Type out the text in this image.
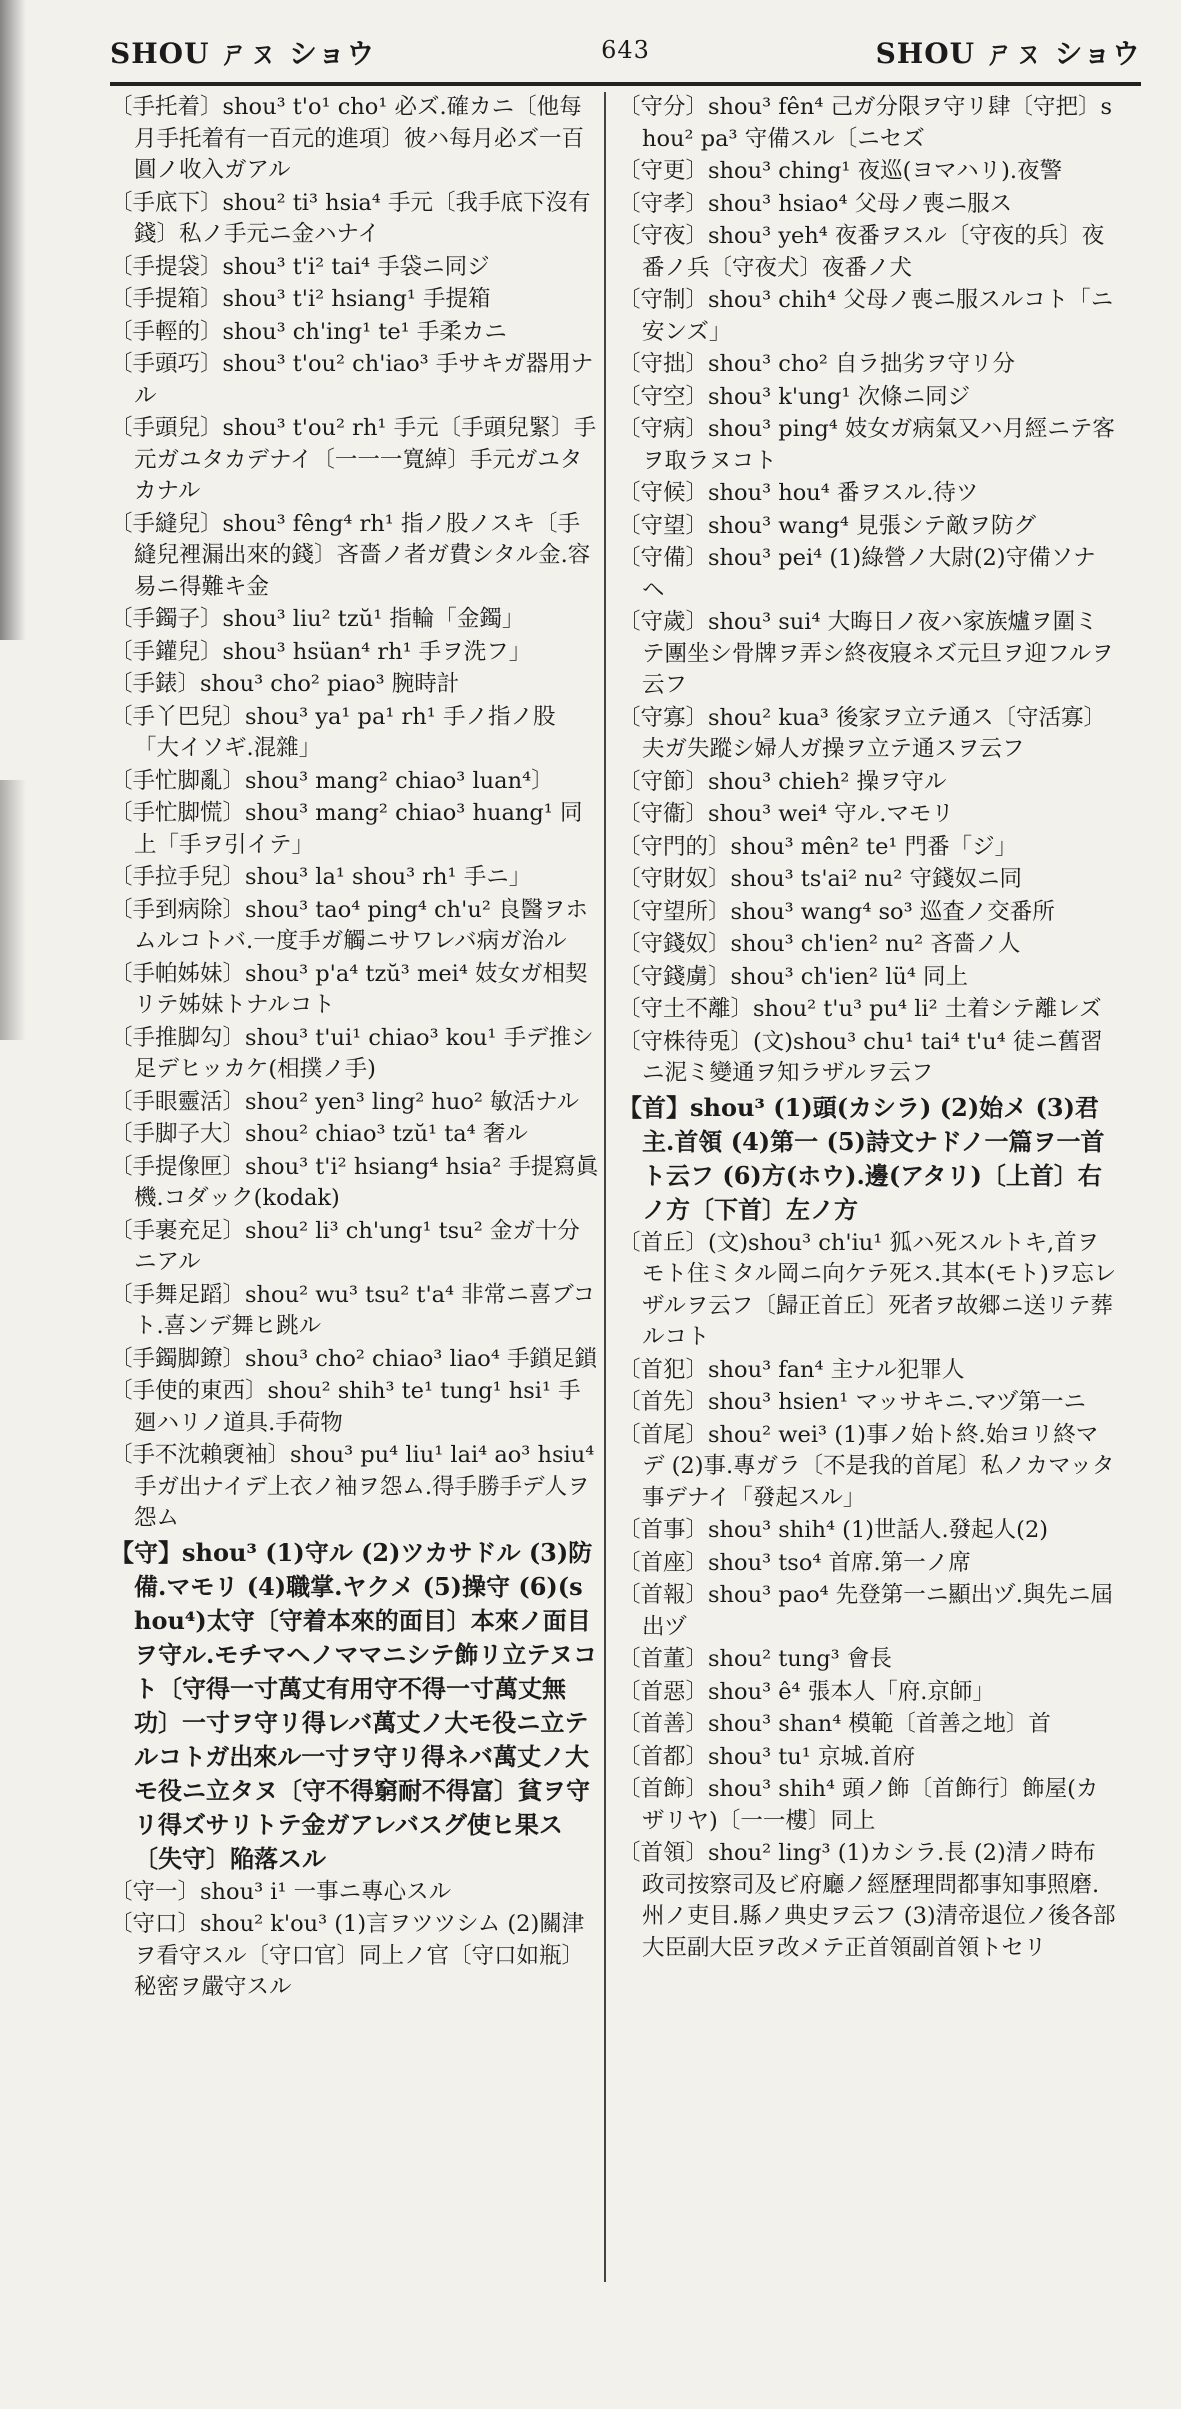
SHOU ㄕㄡ ショウ	643	SHOU ㄕㄡ ショウ

〔手托着〕shou³ t'o¹ cho¹ 必ズ.確カニ〔他每月手托着有一百元的進項〕彼ハ每月必ズ一百圓ノ收入ガアル

〔手底下〕shou² ti³ hsia⁴ 手元〔我手底下沒有錢〕私ノ手元ニ金ハナイ

〔手提袋〕shou³ t'i² tai⁴ 手袋ニ同ジ

〔手提箱〕shou³ t'i² hsiang¹ 手提箱

〔手輕的〕shou³ ch'ing¹ te¹ 手柔カニ

〔手頭巧〕shou³ t'ou² ch'iao³ 手サキガ器用ナル

〔手頭兒〕shou³ t'ou² rh¹ 手元〔手頭兒緊〕手元ガユタカデナイ〔一一一寬綽〕手元ガユタカナル

〔手縫兒〕shou³ fêng⁴ rh¹ 指ノ股ノスキ〔手縫兒裡漏出來的錢〕吝嗇ノ者ガ費シタル金.容易ニ得難キ金

〔手鐲子〕shou³ liu² tzŭ¹ 指輪「金鐲」

〔手鑵兒〕shou³ hsüan⁴ rh¹ 手ヲ洗フ」

〔手錶〕shou³ cho² piao³ 腕時計

〔手丫巴兒〕shou³ ya¹ pa¹ rh¹ 手ノ指ノ股「大イソギ.混雜」

〔手忙脚亂〕shou³ mang² chiao³ luan⁴〕

〔手忙脚慌〕shou³ mang² chiao³ huang¹ 同上「手ヲ引イテ」

〔手拉手兒〕shou³ la¹ shou³ rh¹ 手ニ」

〔手到病除〕shou³ tao⁴ ping⁴ ch'u² 良醫ヲホムルコトバ.一度手ガ觸ニサワレバ病ガ治ル

〔手帕姊妹〕shou³ p'a⁴ tzŭ³ mei⁴ 妓女ガ相契リテ姊妹トナルコト

〔手推脚勾〕shou³ t'ui¹ chiao³ kou¹ 手デ推シ足デヒッカケ(相撲ノ手)

〔手眼靈活〕shou² yen³ ling² huo² 敏活ナル

〔手脚子大〕shou² chiao³ tzŭ¹ ta⁴ 奢ル

〔手提像匣〕shou³ t'i² hsiang⁴ hsia² 手提寫眞機.コダック(kodak)

〔手裹充足〕shou² li³ ch'ung¹ tsu² 金ガ十分ニアル

〔手舞足蹈〕shou² wu³ tsu² t'a⁴ 非常ニ喜ブコト.喜ンデ舞ヒ跳ル

〔手鐲脚鐐〕shou³ cho² chiao³ liao⁴ 手鎖足鎖

〔手使的東西〕shou² shih³ te¹ tung¹ hsi¹ 手廻ハリノ道具.手荷物

〔手不沈賴褏袖〕shou³ pu⁴ liu¹ lai⁴ ao³ hsiu⁴ 手ガ出ナイデ上衣ノ袖ヲ怨ム.得手勝手デ人ヲ怨ム

【守】shou³ (1)守ル (2)ツカサドル (3)防備.マモリ (4)職掌.ヤクメ (5)操守 (6)(shou⁴)太守〔守着本來的面目〕本來ノ面目ヲ守ル.モチマヘノママニシテ飾リ立テヌコト〔守得一寸萬丈有用守不得一寸萬丈無功〕一寸ヲ守リ得レバ萬丈ノ大モ役ニ立テルコトガ出來ル一寸ヲ守リ得ネバ萬丈ノ大モ役ニ立タヌ〔守不得窮耐不得富〕貧ヲ守リ得ズサリトテ金ガアレバスグ使ヒ果ス〔失守〕陥落スル

〔守一〕shou³ i¹ 一事ニ專心スル

〔守口〕shou² k'ou³ (1)言ヲツツシム (2)關津ヲ看守スル〔守口官〕同上ノ官〔守口如瓶〕秘密ヲ嚴守スル

〔守分〕shou³ fên⁴ 己ガ分限ヲ守リ肆〔守把〕shou² pa³ 守備スル〔ニセズ

〔守更〕shou³ ching¹ 夜巡(ヨマハリ).夜警

〔守孝〕shou³ hsiao⁴ 父母ノ喪ニ服ス

〔守夜〕shou³ yeh⁴ 夜番ヲスル〔守夜的兵〕夜番ノ兵〔守夜犬〕夜番ノ犬

〔守制〕shou³ chih⁴ 父母ノ喪ニ服スルコト「ニ安ンズ」

〔守拙〕shou³ cho² 自ラ拙劣ヲ守リ分

〔守空〕shou³ k'ung¹ 次條ニ同ジ

〔守病〕shou³ ping⁴ 妓女ガ病氣又ハ月經ニテ客ヲ取ラヌコト

〔守候〕shou³ hou⁴ 番ヲスル.待ツ

〔守望〕shou³ wang⁴ 見張シテ敵ヲ防グ

〔守備〕shou³ pei⁴ (1)綠營ノ大尉(2)守備ソナヘ

〔守歲〕shou³ sui⁴ 大晦日ノ夜ハ家族爐ヲ圍ミテ團坐シ骨牌ヲ弄シ終夜寢ネズ元旦ヲ迎フルヲ云フ

〔守寡〕shou² kua³ 後家ヲ立テ通ス〔守活寡〕夫ガ失蹤シ婦人ガ操ヲ立テ通スヲ云フ

〔守節〕shou³ chieh² 操ヲ守ル

〔守衞〕shou³ wei⁴ 守ル.マモリ

〔守門的〕shou³ mên² te¹ 門番「ジ」

〔守財奴〕shou³ ts'ai² nu² 守錢奴ニ同

〔守望所〕shou³ wang⁴ so³ 巡査ノ交番所

〔守錢奴〕shou³ ch'ien² nu² 吝嗇ノ人

〔守錢虜〕shou³ ch'ien² lü⁴ 同上

〔守土不離〕shou² t'u³ pu⁴ li² 土着シテ離レズ

〔守株待兎〕(文)shou³ chu¹ tai⁴ t'u⁴ 徒ニ舊習ニ泥ミ變通ヲ知ラザルヲ云フ

【首】shou³ (1)頭(カシラ) (2)始メ (3)君主.首領 (4)第一 (5)詩文ナドノ一篇ヲ一首ト云フ (6)方(ホウ).邊(アタリ)〔上首〕右ノ方〔下首〕左ノ方

〔首丘〕(文)shou³ ch'iu¹ 狐ハ死スルトキ,首ヲモト住ミタル岡ニ向ケテ死ス.其本(モト)ヲ忘レザルヲ云フ〔歸正首丘〕死者ヲ故郷ニ送リテ葬ルコト

〔首犯〕shou³ fan⁴ 主ナル犯罪人

〔首先〕shou³ hsien¹ マッサキニ.マヅ第一ニ

〔首尾〕shou² wei³ (1)事ノ始ト終.始ヨリ終マデ (2)事.專ガラ〔不是我的首尾〕私ノカマッタ事デナイ「發起スル」

〔首事〕shou³ shih⁴ (1)世話人.發起人(2)

〔首座〕shou³ tso⁴ 首席.第一ノ席

〔首報〕shou³ pao⁴ 先登第一ニ顯出ヅ.與先ニ屆出ヅ

〔首董〕shou² tung³ 會長

〔首惡〕shou³ ê⁴ 張本人「府.京師」

〔首善〕shou³ shan⁴ 模範〔首善之地〕首

〔首都〕shou³ tu¹ 京城.首府

〔首飾〕shou³ shih⁴ 頭ノ飾〔首飾行〕飾屋(カザリヤ)〔一一樓〕同上

〔首領〕shou² ling³ (1)カシラ.長 (2)清ノ時布政司按察司及ビ府廳ノ經歷理問都事知事照磨.州ノ吏目.縣ノ典史ヲ云フ (3)清帝退位ノ後各部大臣副大臣ヲ改メテ正首領副首領トセリ
